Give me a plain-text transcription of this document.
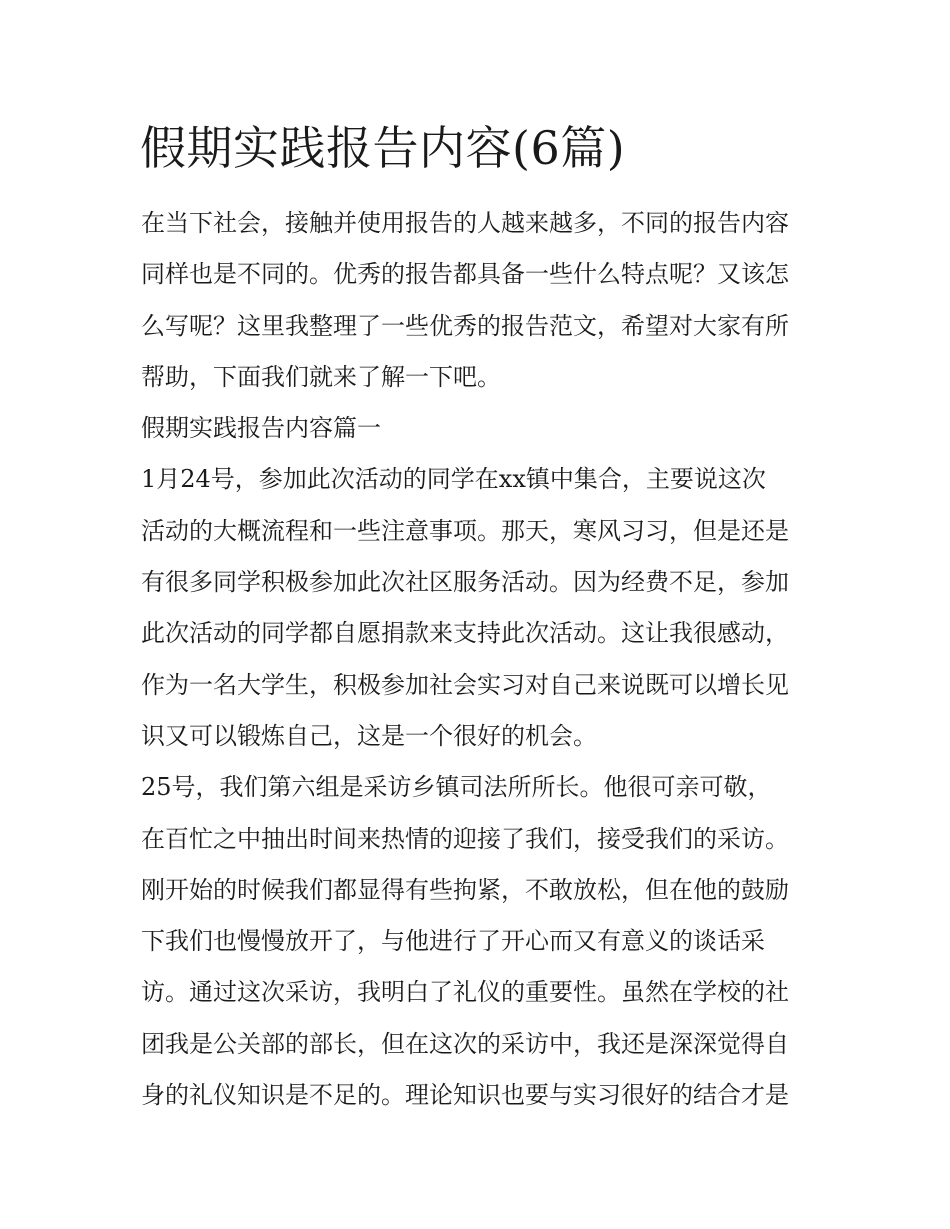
假期实践报告内容(6篇)

在当下社会，接触并使用报告的人越来越多，不同的报告内容

同样也是不同的。优秀的报告都具备一些什么特点呢？又该怎

么写呢？这里我整理了一些优秀的报告范文，希望对大家有所

帮助，下面我们就来了解一下吧。

假期实践报告内容篇一

1月24号，参加此次活动的同学在xx镇中集合，主要说这次

活动的大概流程和一些注意事项。那天，寒风习习，但是还是

有很多同学积极参加此次社区服务活动。因为经费不足，参加

此次活动的同学都自愿捐款来支持此次活动。这让我很感动，

作为一名大学生，积极参加社会实习对自己来说既可以增长见

识又可以锻炼自己，这是一个很好的机会。

25号，我们第六组是采访乡镇司法所所长。他很可亲可敬，

在百忙之中抽出时间来热情的迎接了我们，接受我们的采访。

刚开始的时候我们都显得有些拘紧，不敢放松，但在他的鼓励

下我们也慢慢放开了，与他进行了开心而又有意义的谈话采

访。通过这次采访，我明白了礼仪的重要性。虽然在学校的社

团我是公关部的部长，但在这次的采访中，我还是深深觉得自

身的礼仪知识是不足的。理论知识也要与实习很好的结合才是
